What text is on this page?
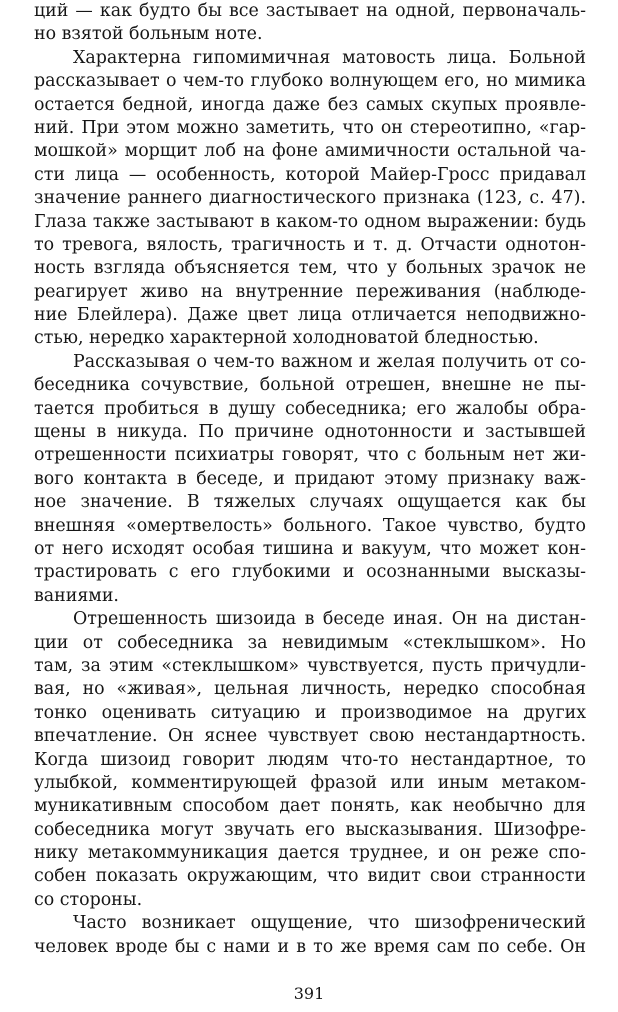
ций — как будто бы все застывает на одной, первоначаль-
но взятой больным ноте.
Характерна гипомимичная матовость лица. Больной
рассказывает о чем-то глубоко волнующем его, но мимика
остается бедной, иногда даже без самых скупых проявле-
ний. При этом можно заметить, что он стереотипно, «гар-
мошкой» морщит лоб на фоне амимичности остальной ча-
сти лица — особенность, которой Майер-Гросс придавал
значение раннего диагностического признака (123, с. 47).
Глаза также застывают в каком-то одном выражении: будь
то тревога, вялость, трагичность и т. д. Отчасти однотон-
ность взгляда объясняется тем, что у больных зрачок не
реагирует живо на внутренние переживания (наблюде-
ние Блейлера). Даже цвет лица отличается неподвижно-
стью, нередко характерной холодноватой бледностью.
Рассказывая о чем-то важном и желая получить от со-
беседника сочувствие, больной отрешен, внешне не пы-
тается пробиться в душу собеседника; его жалобы обра-
щены в никуда. По причине однотонности и застывшей
отрешенности психиатры говорят, что с больным нет жи-
вого контакта в беседе, и придают этому признаку важ-
ное значение. В тяжелых случаях ощущается как бы
внешняя «омертвелость» больного. Такое чувство, будто
от него исходят особая тишина и вакуум, что может кон-
трастировать с его глубокими и осознанными высказы-
ваниями.
Отрешенность шизоида в беседе иная. Он на дистан-
ции от собеседника за невидимым «стеклышком». Но
там, за этим «стеклышком» чувствуется, пусть причудли-
вая, но «живая», цельная личность, нередко способная
тонко оценивать ситуацию и производимое на других
впечатление. Он яснее чувствует свою нестандартность.
Когда шизоид говорит людям что-то нестандартное, то
улыбкой, комментирующей фразой или иным метаком-
муникативным способом дает понять, как необычно для
собеседника могут звучать его высказывания. Шизофре-
нику метакоммуникация дается труднее, и он реже спо-
собен показать окружающим, что видит свои странности
со стороны.
Часто возникает ощущение, что шизофренический
человек вроде бы с нами и в то же время сам по себе. Он
391
